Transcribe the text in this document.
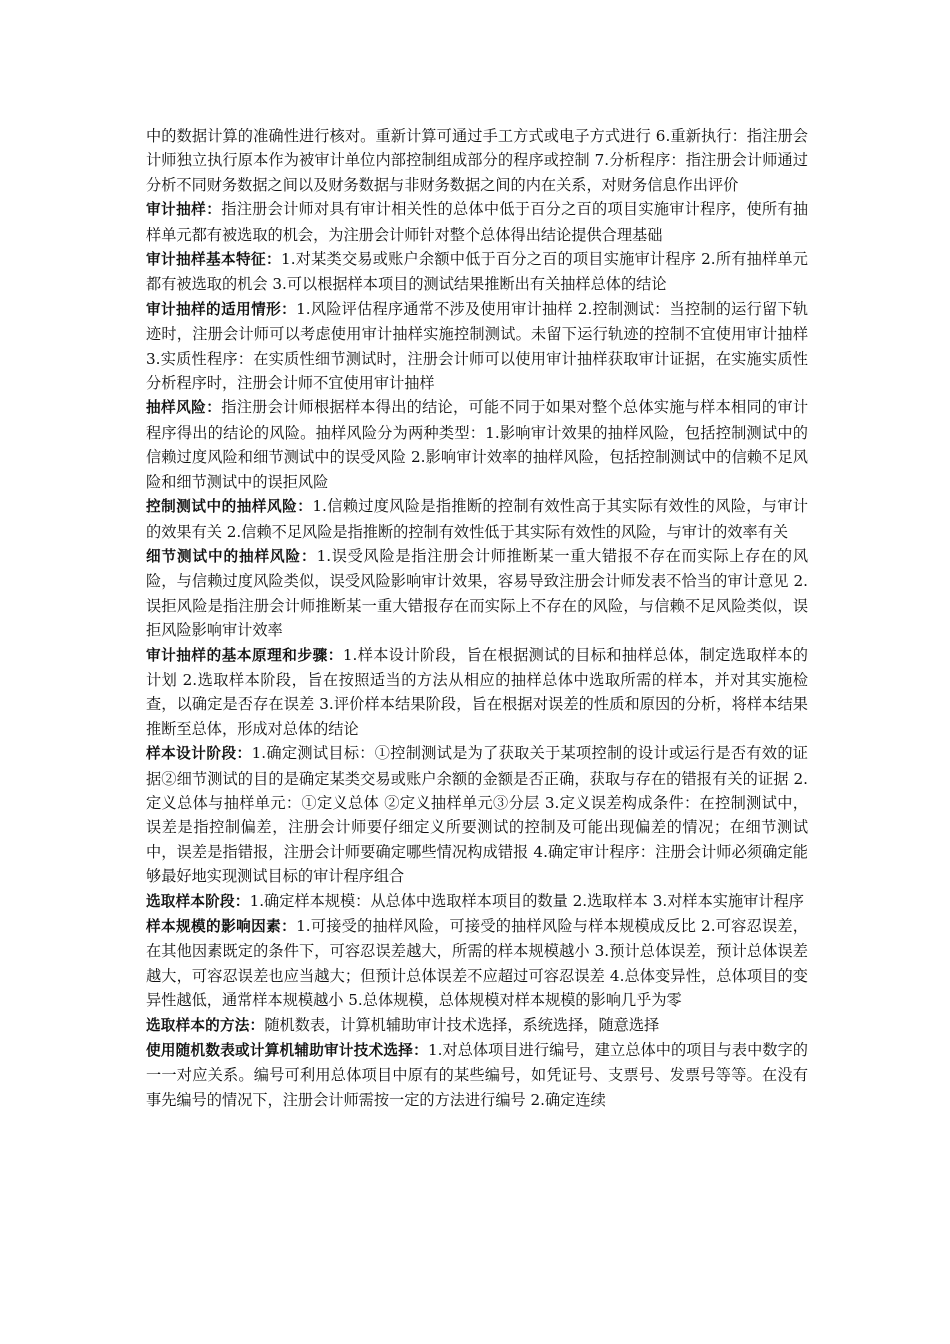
中的数据计算的准确性进行核对。重新计算可通过手工方式或电子方式进行 6.重新执行：指注册会计师独立执行原本作为被审计单位内部控制组成部分的程序或控制 7.分析程序：指注册会计师通过分析不同财务数据之间以及财务数据与非财务数据之间的内在关系，对财务信息作出评价

审计抽样：指注册会计师对具有审计相关性的总体中低于百分之百的项目实施审计程序，使所有抽样单元都有被选取的机会，为注册会计师针对整个总体得出结论提供合理基础

审计抽样基本特征：1.对某类交易或账户余额中低于百分之百的项目实施审计程序 2.所有抽样单元都有被选取的机会 3.可以根据样本项目的测试结果推断出有关抽样总体的结论

审计抽样的适用情形：1.风险评估程序通常不涉及使用审计抽样 2.控制测试：当控制的运行留下轨迹时，注册会计师可以考虑使用审计抽样实施控制测试。未留下运行轨迹的控制不宜使用审计抽样 3.实质性程序：在实质性细节测试时，注册会计师可以使用审计抽样获取审计证据，在实施实质性分析程序时，注册会计师不宜使用审计抽样

抽样风险：指注册会计师根据样本得出的结论，可能不同于如果对整个总体实施与样本相同的审计程序得出的结论的风险。抽样风险分为两种类型：1.影响审计效果的抽样风险，包括控制测试中的信赖过度风险和细节测试中的误受风险 2.影响审计效率的抽样风险，包括控制测试中的信赖不足风险和细节测试中的误拒风险

控制测试中的抽样风险：1.信赖过度风险是指推断的控制有效性高于其实际有效性的风险，与审计的效果有关 2.信赖不足风险是指推断的控制有效性低于其实际有效性的风险，与审计的效率有关

细节测试中的抽样风险：1.误受风险是指注册会计师推断某一重大错报不存在而实际上存在的风险，与信赖过度风险类似，误受风险影响审计效果，容易导致注册会计师发表不恰当的审计意见 2.误拒风险是指注册会计师推断某一重大错报存在而实际上不存在的风险，与信赖不足风险类似，误拒风险影响审计效率

审计抽样的基本原理和步骤：1.样本设计阶段，旨在根据测试的目标和抽样总体，制定选取样本的计划 2.选取样本阶段，旨在按照适当的方法从相应的抽样总体中选取所需的样本，并对其实施检查，以确定是否存在误差 3.评价样本结果阶段，旨在根据对误差的性质和原因的分析，将样本结果推断至总体，形成对总体的结论

样本设计阶段：1.确定测试目标：①控制测试是为了获取关于某项控制的设计或运行是否有效的证据②细节测试的目的是确定某类交易或账户余额的金额是否正确，获取与存在的错报有关的证据 2.定义总体与抽样单元：①定义总体 ②定义抽样单元③分层 3.定义误差构成条件：在控制测试中，误差是指控制偏差，注册会计师要仔细定义所要测试的控制及可能出现偏差的情况；在细节测试中，误差是指错报，注册会计师要确定哪些情况构成错报 4.确定审计程序：注册会计师必须确定能够最好地实现测试目标的审计程序组合

选取样本阶段：1.确定样本规模：从总体中选取样本项目的数量 2.选取样本 3.对样本实施审计程序

样本规模的影响因素：1.可接受的抽样风险，可接受的抽样风险与样本规模成反比 2.可容忍误差，在其他因素既定的条件下，可容忍误差越大，所需的样本规模越小 3.预计总体误差，预计总体误差越大，可容忍误差也应当越大；但预计总体误差不应超过可容忍误差 4.总体变异性，总体项目的变异性越低，通常样本规模越小 5.总体规模，总体规模对样本规模的影响几乎为零

选取样本的方法：随机数表，计算机辅助审计技术选择，系统选择，随意选择

使用随机数表或计算机辅助审计技术选择：1.对总体项目进行编号，建立总体中的项目与表中数字的一一对应关系。编号可利用总体项目中原有的某些编号，如凭证号、支票号、发票号等等。在没有事先编号的情况下，注册会计师需按一定的方法进行编号 2.确定连续
